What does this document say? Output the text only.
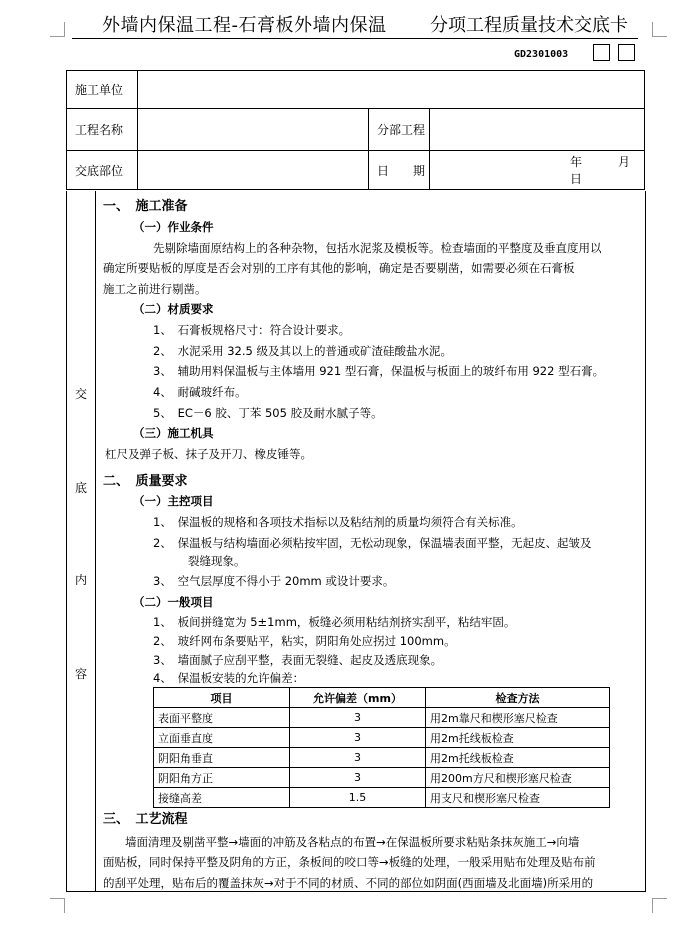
外墙内保温工程-石膏板外墙内保温 分项工程质量技术交底卡
GD2301003
施工单位			
工程名称		分部工程	
交底部位		日　　期	年　　　月　　　日
交
底
内
容
一、　施工准备
（一）作业条件
先剔除墙面原结构上的各种杂物，包括水泥浆及模板等。检查墙面的平整度及垂直度用以
确定所要贴板的厚度是否会对别的工序有其他的影响，确定是否要剔凿，如需要必须在石膏板
施工之前进行剔凿。
（二）材质要求
1、　石膏板规格尺寸：符合设计要求。
2、　水泥采用 32.5 级及其以上的普通或矿渣硅酸盐水泥。
3、　辅助用料保温板与主体墙用 921 型石膏，保温板与板面上的玻纤布用 922 型石膏。
4、　耐碱玻纤布。
5、　EC－6 胶、丁苯 505 胶及耐水腻子等。
（三）施工机具
杠尺及弹子板、抹子及开刀、橡皮锤等。
二、　质量要求
（一）主控项目
1、　保温板的规格和各项技术指标以及粘结剂的质量均须符合有关标准。
2、　保温板与结构墙面必须粘按牢固，无松动现象，保温墙表面平整，无起皮、起皱及
裂缝现象。
3、　空气层厚度不得小于 20mm 或设计要求。
（二）一般项目
1、　板间拼缝宽为 5±1mm，板缝必须用粘结剂挤实刮平，粘结牢固。
2、　玻纤网布条要贴平，粘实，阴阳角处应拐过 100mm。
3、　墙面腻子应刮平整，表面无裂缝、起皮及透底现象。
4、　保温板安装的允许偏差：
项目	允许偏差（mm）	检查方法
表面平整度	3	用2m靠尺和楔形塞尺检查
立面垂直度	3	用2m托线板检查
阴阳角垂直	3	用2m托线板检查
阴阳角方正	3	用200m方尺和楔形塞尺检查
接缝高差	1.5	用支尺和楔形塞尺检查
三、　工艺流程
墙面清理及剔凿平整→墙面的冲筋及各粘点的布置→在保温板所要求粘贴条抹灰施工→向墙
面贴板，同时保持平整及阴角的方正，条板间的咬口等→板缝的处理，一般采用贴布处理及贴布前
的刮平处理，贴布后的覆盖抹灰→对于不同的材质、不同的部位如阴面(西面墙及北面墙)所采用的
